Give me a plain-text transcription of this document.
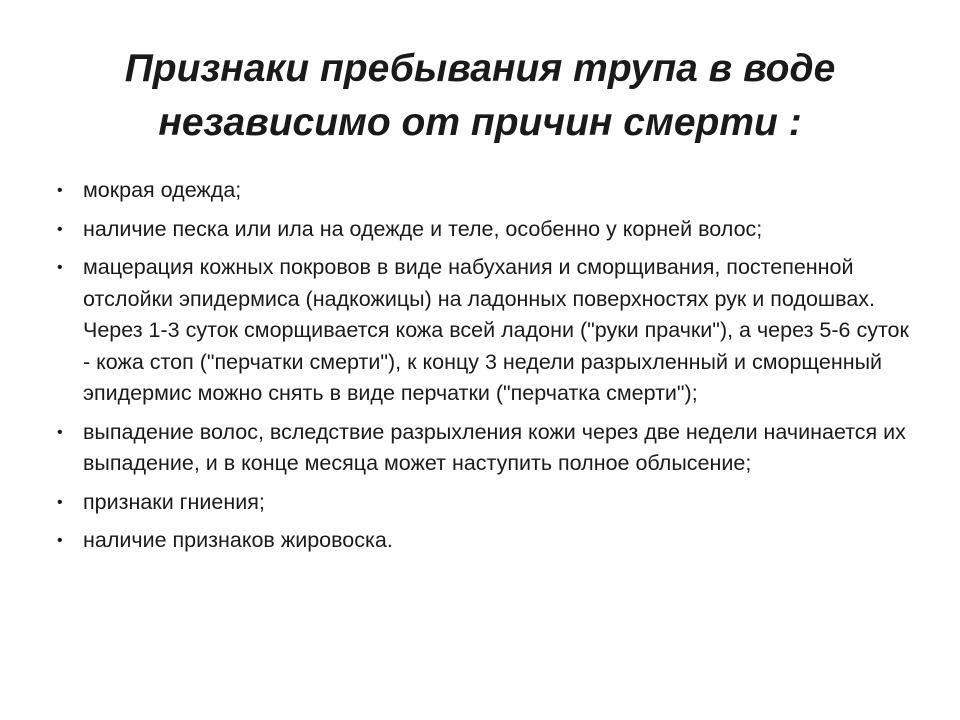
Признаки пребывания трупа в воде
независимо от причин смерти :
• мокрая одежда;
• наличие песка или ила на одежде и теле, особенно у корней волос;
• мацерация кожных покровов в виде набухания и сморщивания, постепенной отслойки эпидермиса (надкожицы) на ладонных поверхностях рук и подошвах. Через 1-3 суток сморщивается кожа всей ладони ("руки прачки"), а через 5-6 суток - кожа стоп ("перчатки смерти"), к концу 3 недели разрыхленный и сморщенный эпидермис можно снять в виде перчатки ("перчатка смерти");
• выпадение волос, вследствие разрыхления кожи через две недели начинается их выпадение, и в конце месяца может наступить полное облысение;
• признаки гниения;
• наличие признаков жировоска.
